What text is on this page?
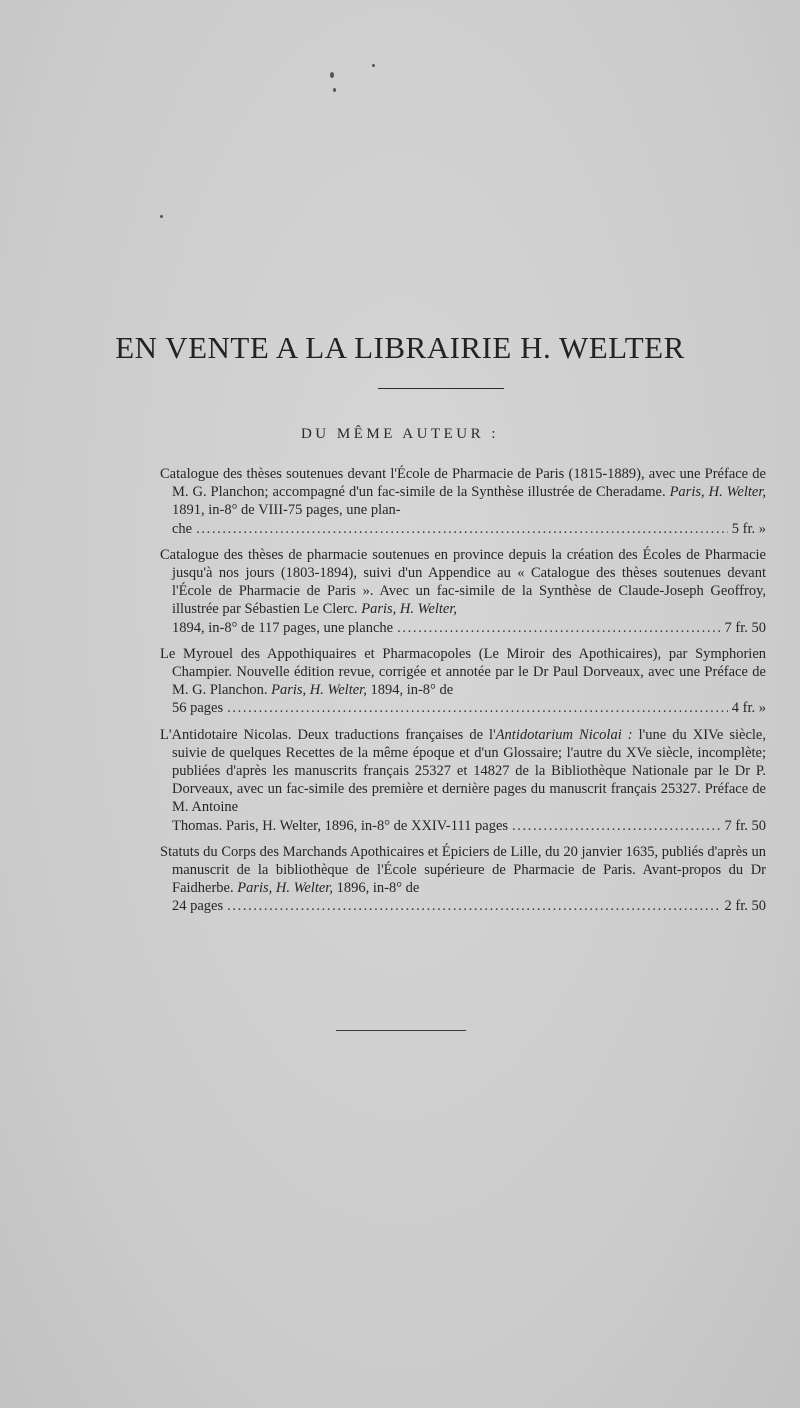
EN VENTE A LA LIBRAIRIE H. WELTER
DU MÊME AUTEUR :
Catalogue des thèses soutenues devant l'École de Pharmacie de Paris (1815-1889), avec une Préface de M. G. Planchon; accompagné d'un fac-simile de la Synthèse illustrée de Cheradame. Paris, H. Welter, 1891, in-8° de VIII-75 pages, une plan-
che . . .	5 fr. »
Catalogue des thèses de pharmacie soutenues en province depuis la création des Écoles de Pharmacie jusqu'à nos jours (1803-1894), suivi d'un Appendice au « Catalogue des thèses soutenues devant l'École de Pharmacie de Paris ». Avec un fac-simile de la Synthèse de Claude-Joseph Geoffroy, illustrée par Sébastien Le Clerc. Paris, H. Welter,
1894, in-8° de 117 pages, une planche . . .	7 fr. 50
Le Myrouel des Appothiquaires et Pharmacopoles (Le Miroir des Apothicaires), par Symphorien Champier. Nouvelle édition revue, corrigée et annotée par le Dr Paul Dorveaux, avec une Préface de M. G. Planchon. Paris, H. Welter, 1894, in-8° de
56 pages . . .	4 fr. »
L'Antidotaire Nicolas. Deux traductions françaises de l'Antidotarium Nicolai : l'une du XIVe siècle, suivie de quelques Recettes de la même époque et d'un Glossaire; l'autre du XVe siècle, incomplète; publiées d'après les manuscrits français 25327 et 14827 de la Bibliothèque Nationale par le Dr P. Dorveaux, avec un fac-simile des première et dernière pages du manuscrit français 25327. Préface de M. Antoine
Thomas. Paris, H. Welter, 1896, in-8° de XXIV-111 pages . . .	7 fr. 50
Statuts du Corps des Marchands Apothicaires et Épiciers de Lille, du 20 janvier 1635, publiés d'après un manuscrit de la bibliothèque de l'École supérieure de Pharmacie de Paris. Avant-propos du Dr Faidherbe. Paris, H. Welter, 1896, in-8° de
24 pages . . .	2 fr. 50
